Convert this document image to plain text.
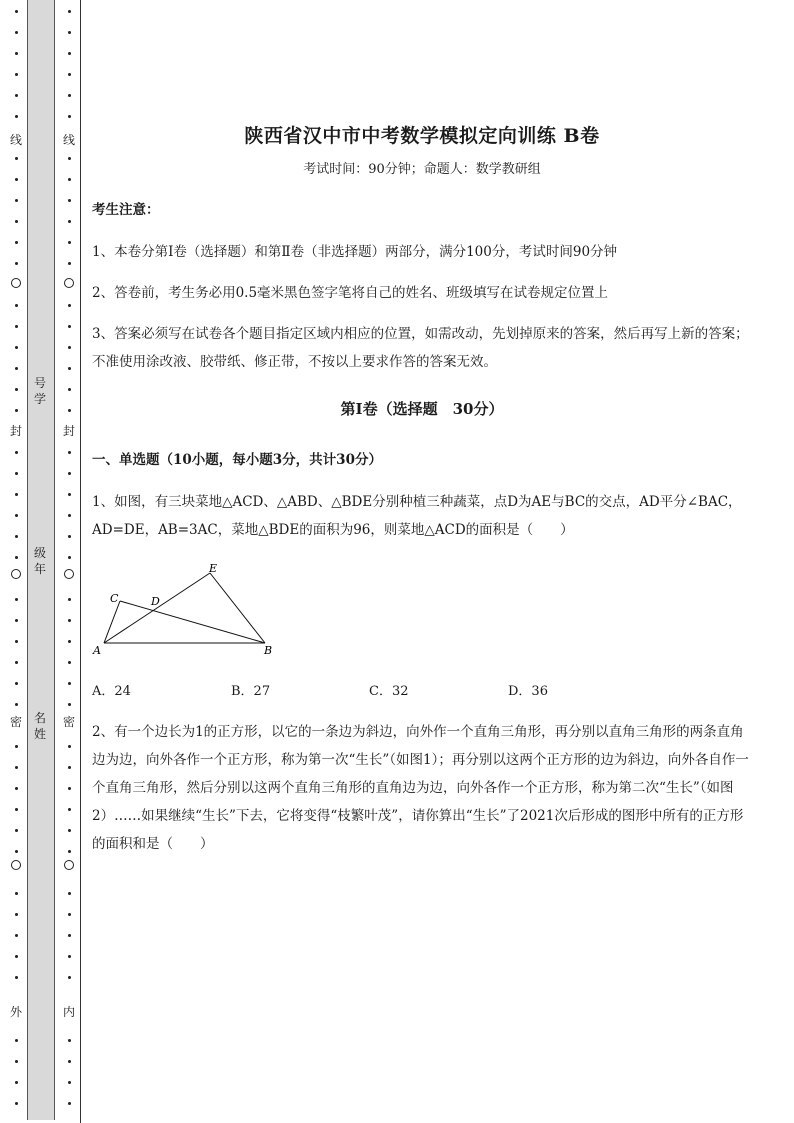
号
学
级
年
名
姓
线
封
密
外
线
封
密
内
陕西省汉中市中考数学模拟定向训练 B卷
考试时间：90分钟；命题人：数学教研组
考生注意：
1、本卷分第Ⅰ卷（选择题）和第Ⅱ卷（非选择题）两部分，满分100分，考试时间90分钟
2、答卷前，考生务必用0.5毫米黑色签字笔将自己的姓名、班级填写在试卷规定位置上
3、答案必须写在试卷各个题目指定区域内相应的位置，如需改动，先划掉原来的答案，然后再写上新的答案；不准使用涂改液、胶带纸、修正带，不按以上要求作答的答案无效。
第Ⅰ卷（选择题　30分）
一、单选题（10小题，每小题3分，共计30分）
1、如图，有三块菜地△ACD、△ABD、△BDE分别种植三种蔬菜，点D为AE与BC的交点，AD平分∠BAC，AD=DE，AB=3AC，菜地△BDE的面积为96，则菜地△ACD的面积是（　　）
A．24	B．27	C．32	D．36
2、有一个边长为1的正方形，以它的一条边为斜边，向外作一个直角三角形，再分别以直角三角形的两条直角边为边，向外各作一个正方形，称为第一次“生长”（如图1）；再分别以这两个正方形的边为斜边，向外各自作一个直角三角形，然后分别以这两个直角三角形的直角边为边，向外各作一个正方形，称为第二次“生长”（如图2）……如果继续“生长”下去，它将变得“枝繁叶茂”，请你算出“生长”了2021次后形成的图形中所有的正方形的面积和是（　　）
A	B
C	D
E
